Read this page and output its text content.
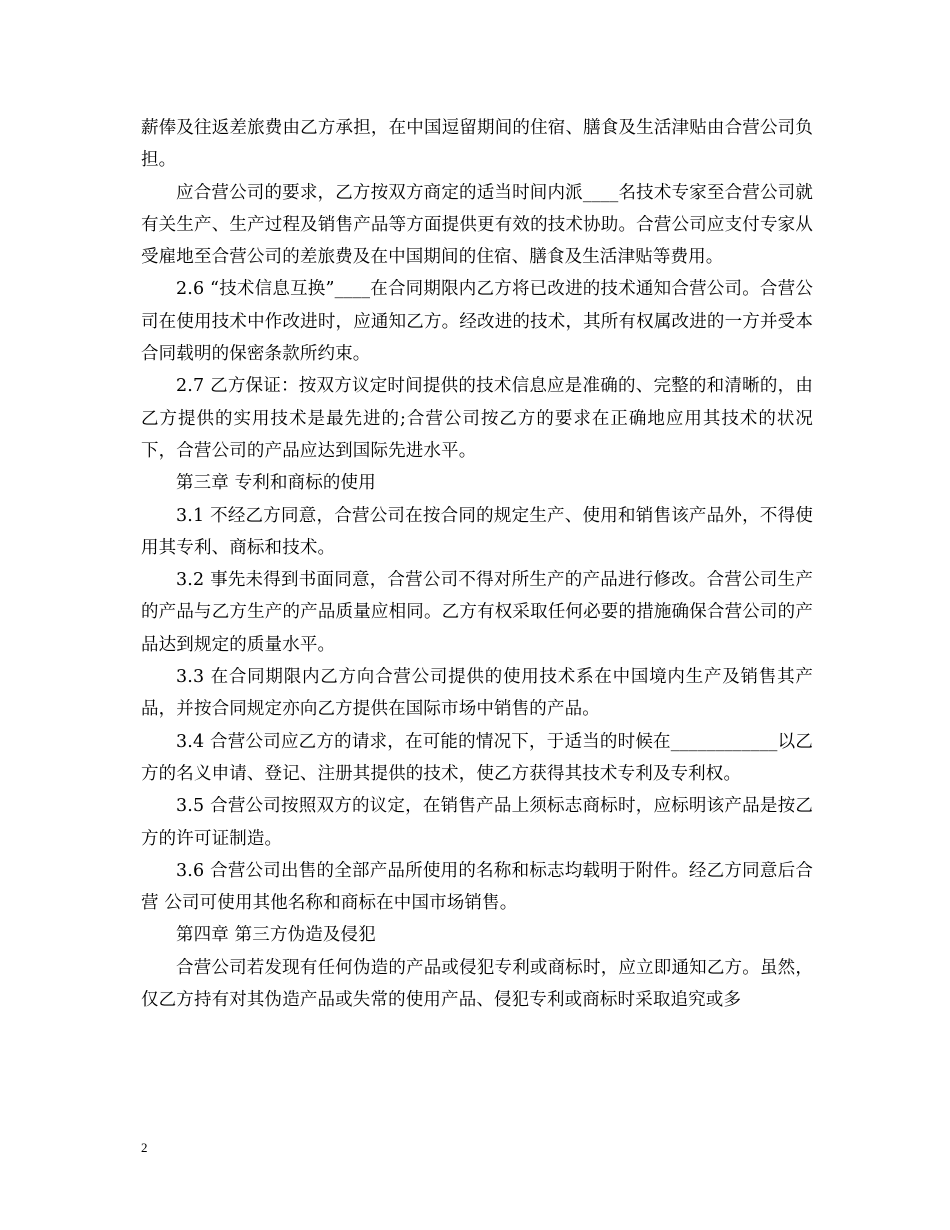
薪俸及往返差旅费由乙方承担，在中国逗留期间的住宿、膳食及生活津贴由合营公司负担。

应合营公司的要求，乙方按双方商定的适当时间内派____名技术专家至合营公司就有关生产、生产过程及销售产品等方面提供更有效的技术协助。合营公司应支付专家从受雇地至合营公司的差旅费及在中国期间的住宿、膳食及生活津贴等费用。

2.6 “技术信息互换”____在合同期限内乙方将已改进的技术通知合营公司。合营公司在使用技术中作改进时，应通知乙方。经改进的技术，其所有权属改进的一方并受本合同载明的保密条款所约束。

2.7 乙方保证：按双方议定时间提供的技术信息应是准确的、完整的和清晰的，由乙方提供的实用技术是最先进的;合营公司按乙方的要求在正确地应用其技术的状况下，合营公司的产品应达到国际先进水平。

第三章 专利和商标的使用

3.1 不经乙方同意，合营公司在按合同的规定生产、使用和销售该产品外，不得使用其专利、商标和技术。

3.2 事先未得到书面同意，合营公司不得对所生产的产品进行修改。合营公司生产的产品与乙方生产的产品质量应相同。乙方有权采取任何必要的措施确保合营公司的产品达到规定的质量水平。

3.3 在合同期限内乙方向合营公司提供的使用技术系在中国境内生产及销售其产品，并按合同规定亦向乙方提供在国际市场中销售的产品。

3.4 合营公司应乙方的请求，在可能的情况下，于适当的时候在____________以乙方的名义申请、登记、注册其提供的技术，使乙方获得其技术专利及专利权。

3.5 合营公司按照双方的议定，在销售产品上须标志商标时，应标明该产品是按乙方的许可证制造。

3.6 合营公司出售的全部产品所使用的名称和标志均载明于附件。经乙方同意后合营 公司可使用其他名称和商标在中国市场销售。

第四章 第三方伪造及侵犯

合营公司若发现有任何伪造的产品或侵犯专利或商标时，应立即通知乙方。虽然，仅乙方持有对其伪造产品或失常的使用产品、侵犯专利或商标时采取追究或多

2
